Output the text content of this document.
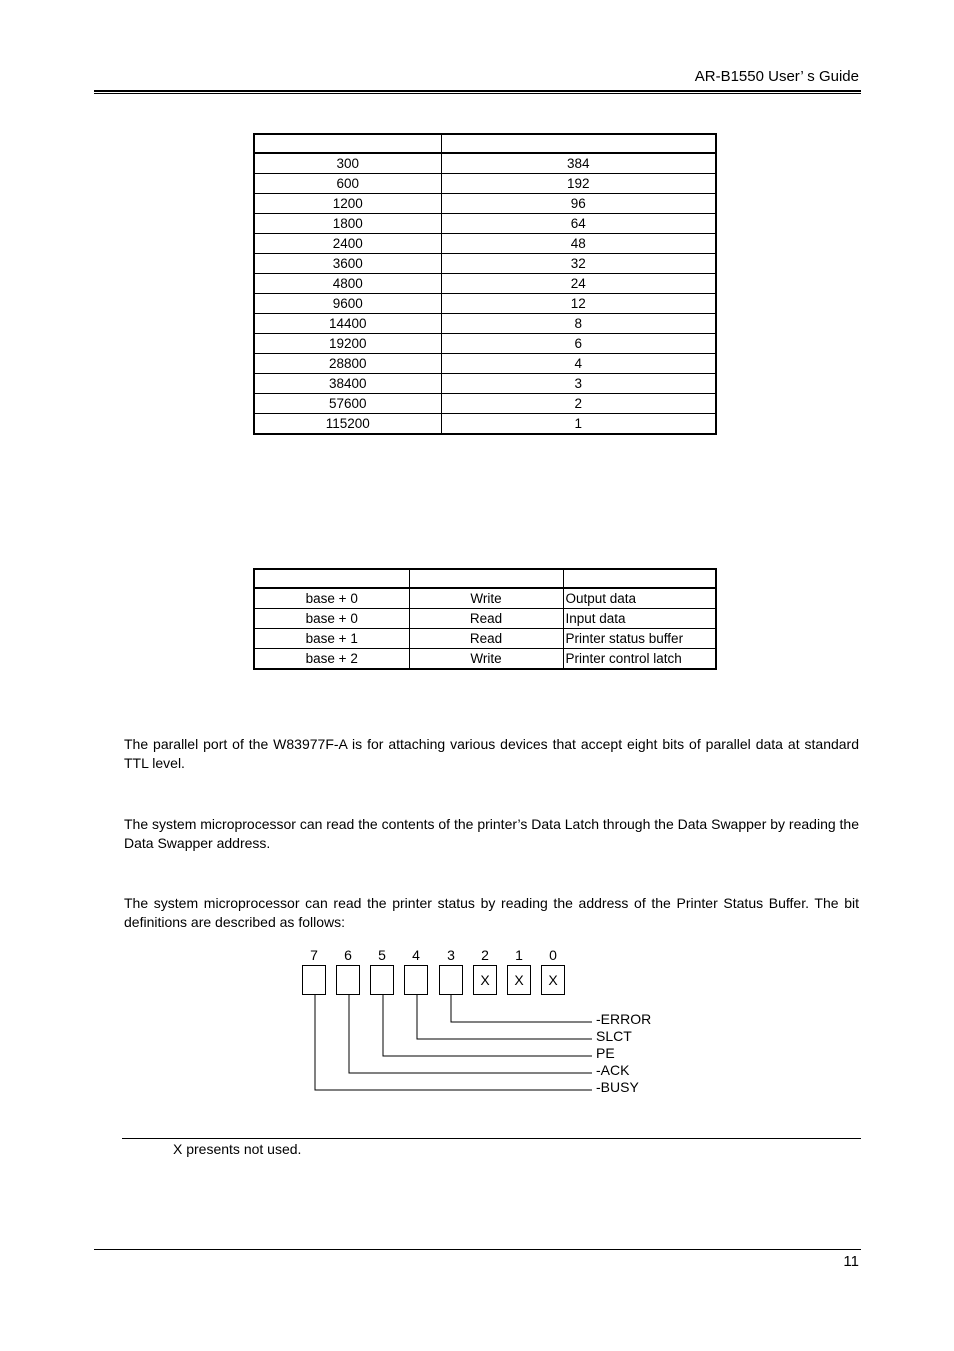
AR-B1550 User’ s Guide

300	384
600	192
1200	96
1800	64
2400	48
3600	32
4800	24
9600	12
14400	8
19200	6
28800	4
38400	3
57600	2
115200	1

base + 0	Write	Output data
base + 0	Read	Input data
base + 1	Read	Printer status buffer
base + 2	Write	Printer control latch

The parallel port of the W83977F-A is for attaching various devices that accept eight bits of parallel data at standard TTL level.

The system microprocessor can read the contents of the printer’s Data Latch through the Data Swapper by reading the Data Swapper address.

The system microprocessor can read the printer status by reading the address of the Printer Status Buffer. The bit definitions are described as follows:

7	6	5	4	3	2	1	0
X	X	X
-ERROR
SLCT
PE
-ACK
-BUSY
X presents not used.
11
